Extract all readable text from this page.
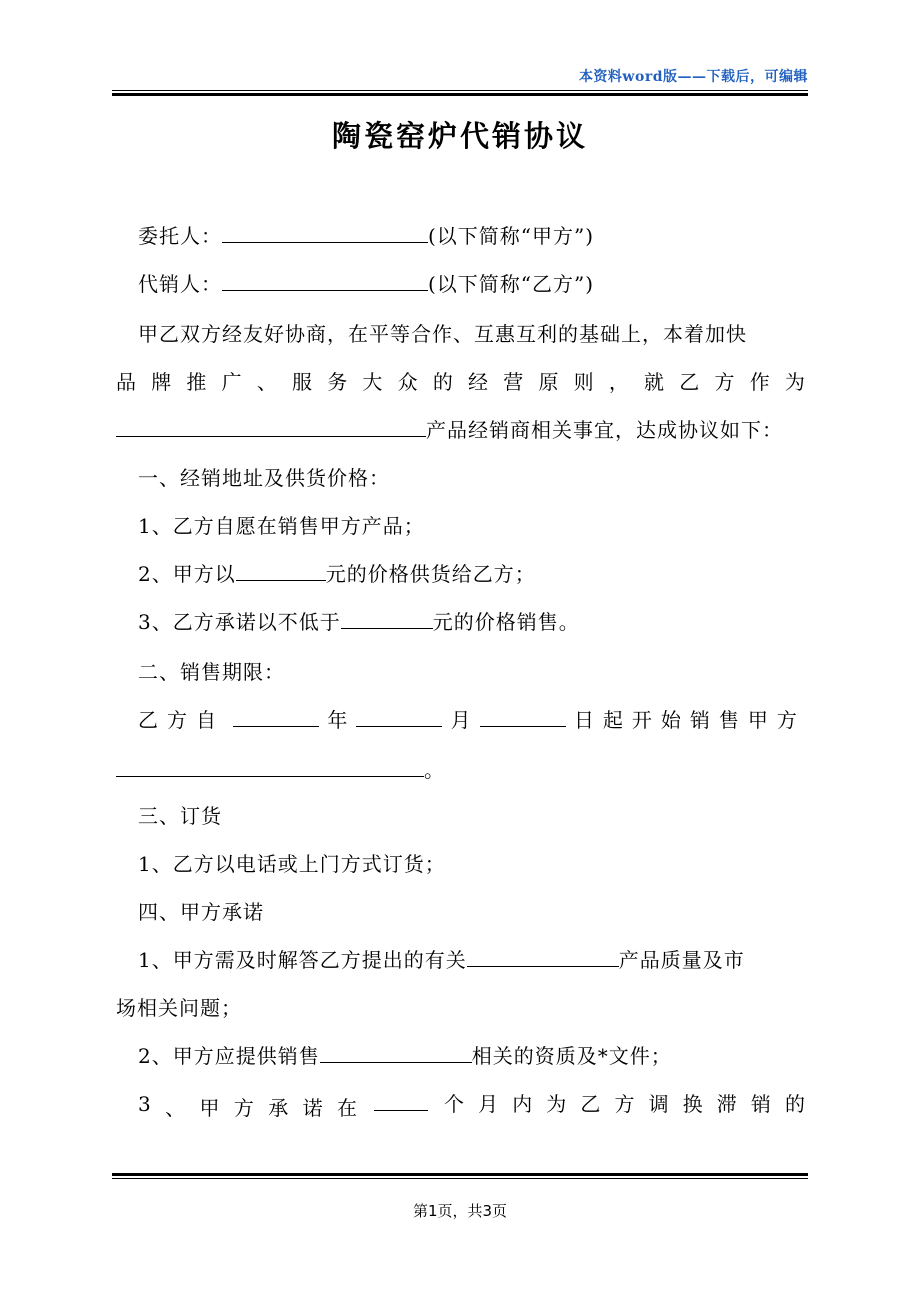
本资料word版——下载后，可编辑
陶瓷窑炉代销协议
委托人：	(以下简称“甲方”)
代销人：	(以下简称“乙方”)
甲乙双方经友好协商，在平等合作、互惠互利的基础上，本着加快
品 牌 推 广 、 服 务 大 众 的 经 营 原 则 ， 就 乙 方 作 为
产品经销商相关事宜，达成协议如下：
一、经销地址及供货价格：
1、乙方自愿在销售甲方产品；
2、甲方以	元的价格供货给乙方；
3、乙方承诺以不低于	元的价格销售。
二、销售期限：
乙方自	年	月	日起开始销售甲方
。
三、订货
1、乙方以电话或上门方式订货；
四、甲方承诺
1、甲方需及时解答乙方提出的有关	产品质量及市
场相关问题；
2、甲方应提供销售	相关的资质及*文件；
3 、 甲 方 承 诺 在	个 月 内 为 乙 方 调 换 滞 销 的
第1页，共3页
